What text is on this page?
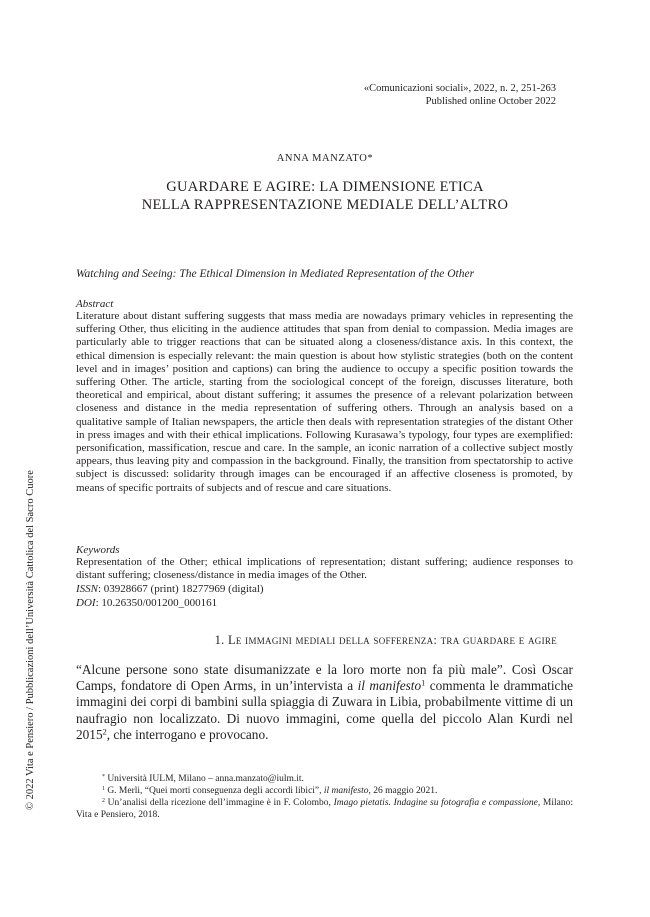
«Comunicazioni sociali», 2022, n. 2, 251-263
Published online October 2022
ANNA MANZATO*
GUARDARE E AGIRE: LA DIMENSIONE ETICA
NELLA RAPPRESENTAZIONE MEDIALE DELL’ALTRO
Watching and Seeing: The Ethical Dimension in Mediated Representation of the Other
Abstract

Literature about distant suffering suggests that mass media are nowadays primary vehicles in representing the suffering Other, thus eliciting in the audience attitudes that span from denial to compassion. Media images are particularly able to trigger reactions that can be situated along a closeness/distance axis. In this context, the ethical dimension is especially relevant: the main question is about how stylistic strategies (both on the content level and in images’ position and captions) can bring the audience to occupy a specific position towards the suffering Other. The article, starting from the sociological concept of the foreign, discusses literature, both theoretical and empirical, about distant suffering; it assumes the presence of a relevant polarization between closeness and distance in the media representation of suffering others. Through an analysis based on a qualitative sample of Italian newspapers, the article then deals with representation strategies of the distant Other in press images and with their ethical implications. Following Kurasawa’s typology, four types are exemplified: personification, massification, rescue and care. In the sample, an iconic narration of a collective subject mostly appears, thus leaving pity and compassion in the background. Finally, the transition from spectatorship to active subject is discussed: solidarity through images can be encouraged if an affective closeness is promoted, by means of specific portraits of subjects and of rescue and care situations.

Keywords

Representation of the Other; ethical implications of representation; distant suffering; audience responses to distant suffering; closeness/distance in media images of the Other.

ISSN: 03928667 (print) 18277969 (digital)
DOI: 10.26350/001200_000161
1. Le immagini mediali della sofferenza: tra guardare e agire

“Alcune persone sono state disumanizzate e la loro morte non fa più male”. Così Oscar Camps, fondatore di Open Arms, in un’intervista a il manifesto$^1$ commenta le drammatiche immagini dei corpi di bambini sulla spiaggia di Zuwara in Libia, probabilmente vittime di un naufragio non localizzato. Di nuovo immagini, come quella del piccolo Alan Kurdi nel 2015$^2$, che interrogano e provocano.

* Università IULM, Milano – anna.manzato@iulm.it.

$^1$ G. Merli, “Quei morti conseguenza degli accordi libici”, il manifesto, 26 maggio 2021.

$^2$ Un’analisi della ricezione dell’immagine è in F. Colombo, Imago pietatis. Indagine su fotografia e compassione, Milano: Vita e Pensiero, 2018.

© 2022 Vita e Pensiero / Pubblicazioni dell’Università Cattolica del Sacro Cuore
